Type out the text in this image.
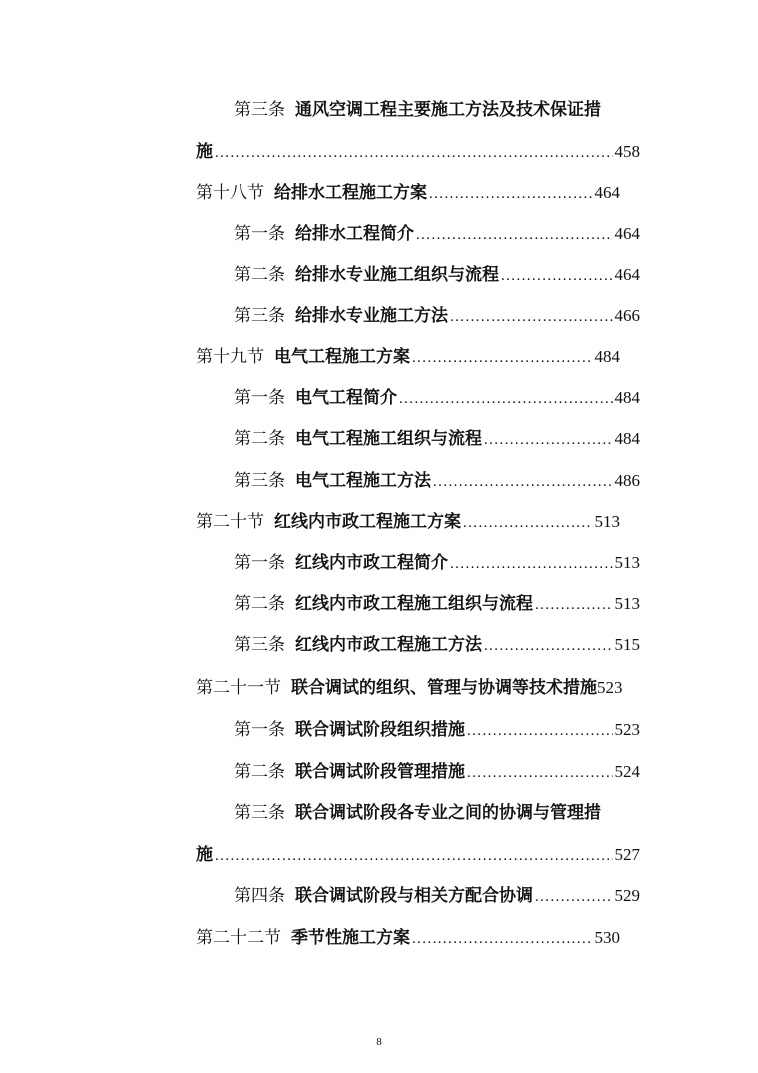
第三条 通风空调工程主要施工方法及技术保证措
施 .....	458
第十八节 给排水工程施工方案 .....	464
第一条 给排水工程简介 .....	464
第二条 给排水专业施工组织与流程 .....	464
第三条 给排水专业施工方法 .....	466
第十九节 电气工程施工方案 .....	484
第一条 电气工程简介 .....	484
第二条 电气工程施工组织与流程 .....	484
第三条 电气工程施工方法 .....	486
第二十节 红线内市政工程施工方案 .....	513
第一条 红线内市政工程简介 .....	513
第二条 红线内市政工程施工组织与流程 .....	513
第三条 红线内市政工程施工方法 .....	515
第二十一节 联合调试的组织、管理与协调等技术措施 523
第一条 联合调试阶段组织措施 .....	523
第二条 联合调试阶段管理措施 .....	524
第三条 联合调试阶段各专业之间的协调与管理措
施 .....	527
第四条 联合调试阶段与相关方配合协调 .....	529
第二十二节 季节性施工方案 .....	530
8
